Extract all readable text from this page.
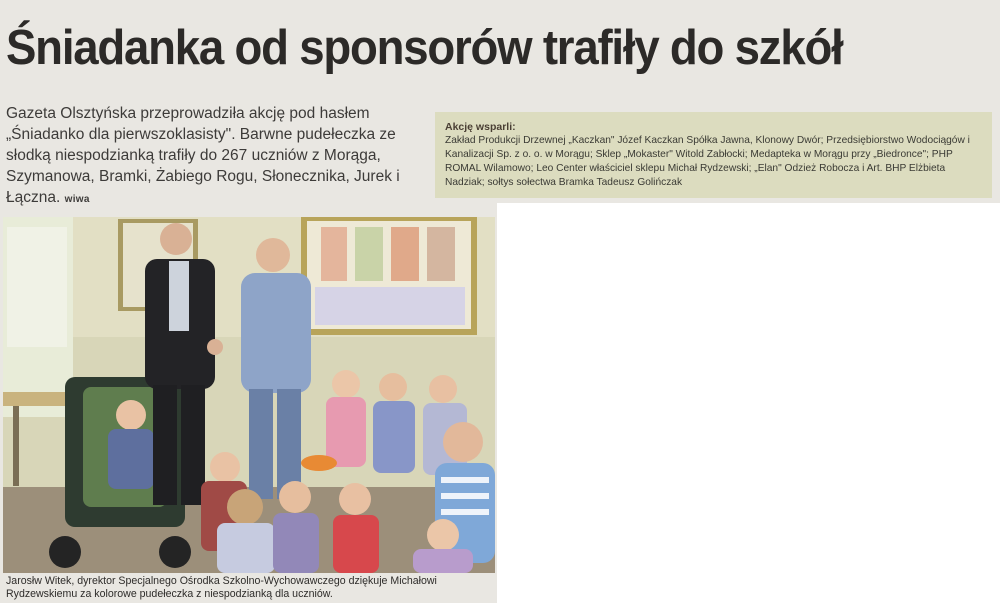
Śniadanka od sponsorów trafiły do szkół
Gazeta Olsztyńska przeprowadziła akcję pod hasłem „Śniadanko dla pierwszoklasisty". Barwne pudełeczka ze słodką niespodzianką trafiły do 267 uczniów z Morąga, Szymanowa, Bramki, Żabiego Rogu, Słonecznika, Jurek i Łączna. wiwa
Akcję wsparli:
Zakład Produkcji Drzewnej „Kaczkan" Józef Kaczkan Spółka Jawna, Klonowy Dwór; Przedsiębiorstwo Wodociągów i Kanalizacji Sp. z o. o. w Morągu; Sklep „Mokaster" Witold Zabłocki; Medapteka w Morągu przy „Biedronce"; PHP ROMAL Wilamowo; Leo Center właściciel sklepu Michał Rydzewski; „Elan" Odzież Robocza i Art. BHP Elżbieta Nadziak; sołtys sołectwa Bramka Tadeusz Golińczak
Jarosłw Witek, dyrektor Specjalnego Ośrodka Szkolno-Wychowawczego dziękuje Michałowi Rydzewskiemu za kolorowe pudełeczka z niespodzianką dla uczniów.
